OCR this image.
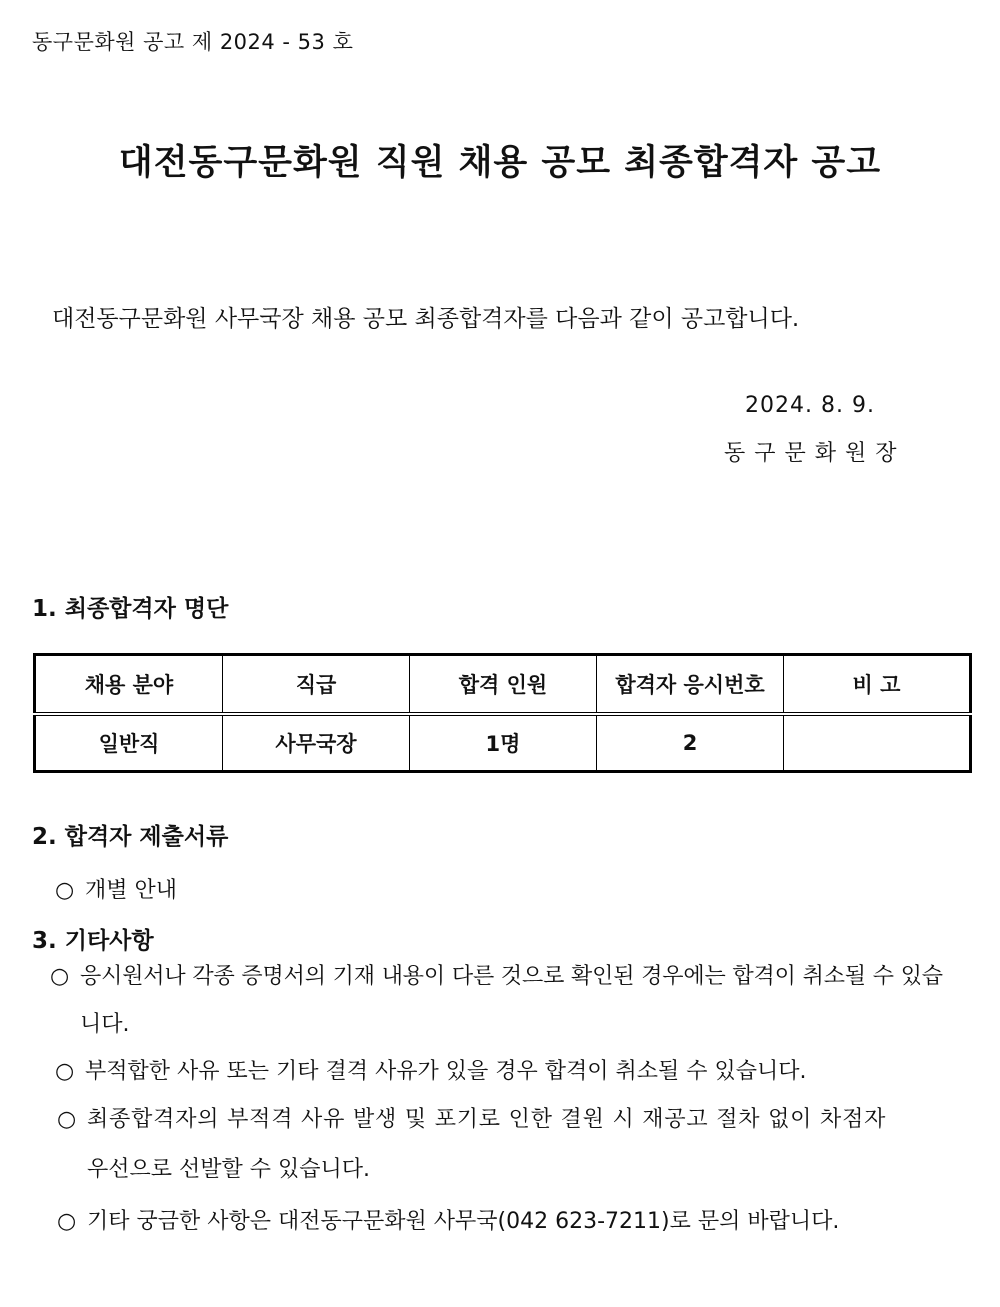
동구문화원 공고 제 2024 - 53 호
대전동구문화원 직원 채용 공모 최종합격자 공고
대전동구문화원 사무국장 채용 공모 최종합격자를 다음과 같이 공고합니다.
2024. 8. 9.
동구문화원장
1. 최종합격자 명단
채용 분야	직급	합격 인원	합격자 응시번호	비 고
일반직	사무국장	1명	2	
2. 합격자 제출서류
○ 개별 안내
3. 기타사항
○ 응시원서나 각종 증명서의 기재 내용이 다른 것으로 확인된 경우에는 합격이 취소될 수 있습
니다.
○ 부적합한 사유 또는 기타 결격 사유가 있을 경우 합격이 취소될 수 있습니다.
○ 최종합격자의 부적격 사유 발생 및 포기로 인한 결원 시 재공고 절차 없이 차점자
우선으로 선발할 수 있습니다.
○ 기타 궁금한 사항은 대전동구문화원 사무국(042 623-7211)로 문의 바랍니다.
